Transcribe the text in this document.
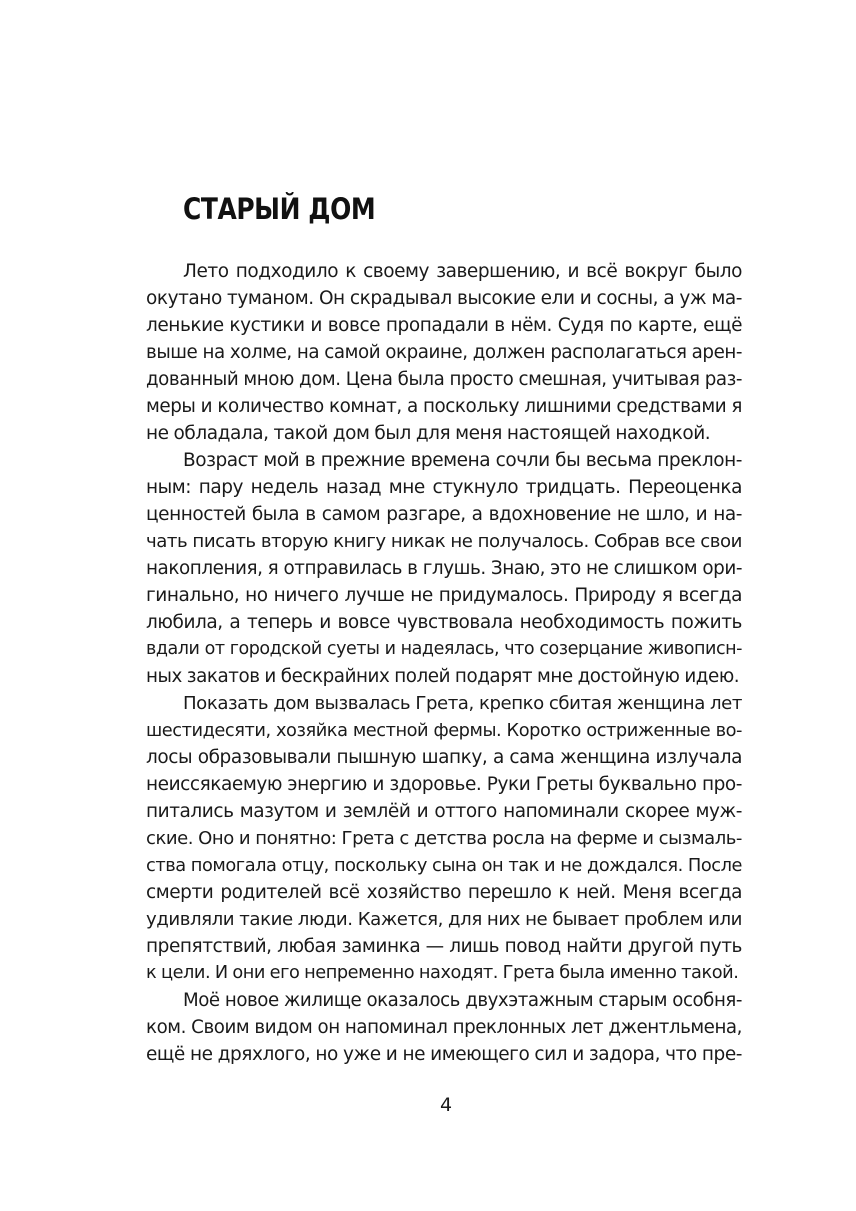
СТАРЫЙ ДОМ
Лето подходило к своему завершению, и всё вокруг было
окутано туманом. Он скрадывал высокие ели и сосны, а уж ма-
ленькие кустики и вовсе пропадали в нём. Судя по карте, ещё
выше на холме, на самой окраине, должен располагаться арен-
дованный мною дом. Цена была просто смешная, учитывая раз-
меры и количество комнат, а поскольку лишними средствами я
не обладала, такой дом был для меня настоящей находкой.
Возраст мой в прежние времена сочли бы весьма преклон-
ным: пару недель назад мне стукнуло тридцать. Переоценка
ценностей была в самом разгаре, а вдохновение не шло, и на-
чать писать вторую книгу никак не получалось. Собрав все свои
накопления, я отправилась в глушь. Знаю, это не слишком ори-
гинально, но ничего лучше не придумалось. Природу я всегда
любила, а теперь и вовсе чувствовала необходимость пожить
вдали от городской суеты и надеялась, что созерцание живописн-
ных закатов и бескрайних полей подарят мне достойную идею.
Показать дом вызвалась Грета, крепко сбитая женщина лет
шестидесяти, хозяйка местной фермы. Коротко остриженные во-
лосы образовывали пышную шапку, а сама женщина излучала
неиссякаемую энергию и здоровье. Руки Греты буквально про-
питались мазутом и землёй и оттого напоминали скорее муж-
ские. Оно и понятно: Грета с детства росла на ферме и сызмаль-
ства помогала отцу, поскольку сына он так и не дождался. После
смерти родителей всё хозяйство перешло к ней. Меня всегда
удивляли такие люди. Кажется, для них не бывает проблем или
препятствий, любая заминка — лишь повод найти другой путь
к цели. И они его непременно находят. Грета была именно такой.
Моё новое жилище оказалось двухэтажным старым особня-
ком. Своим видом он напоминал преклонных лет джентльмена,
ещё не дряхлого, но уже и не имеющего сил и задора, что пре-
4
